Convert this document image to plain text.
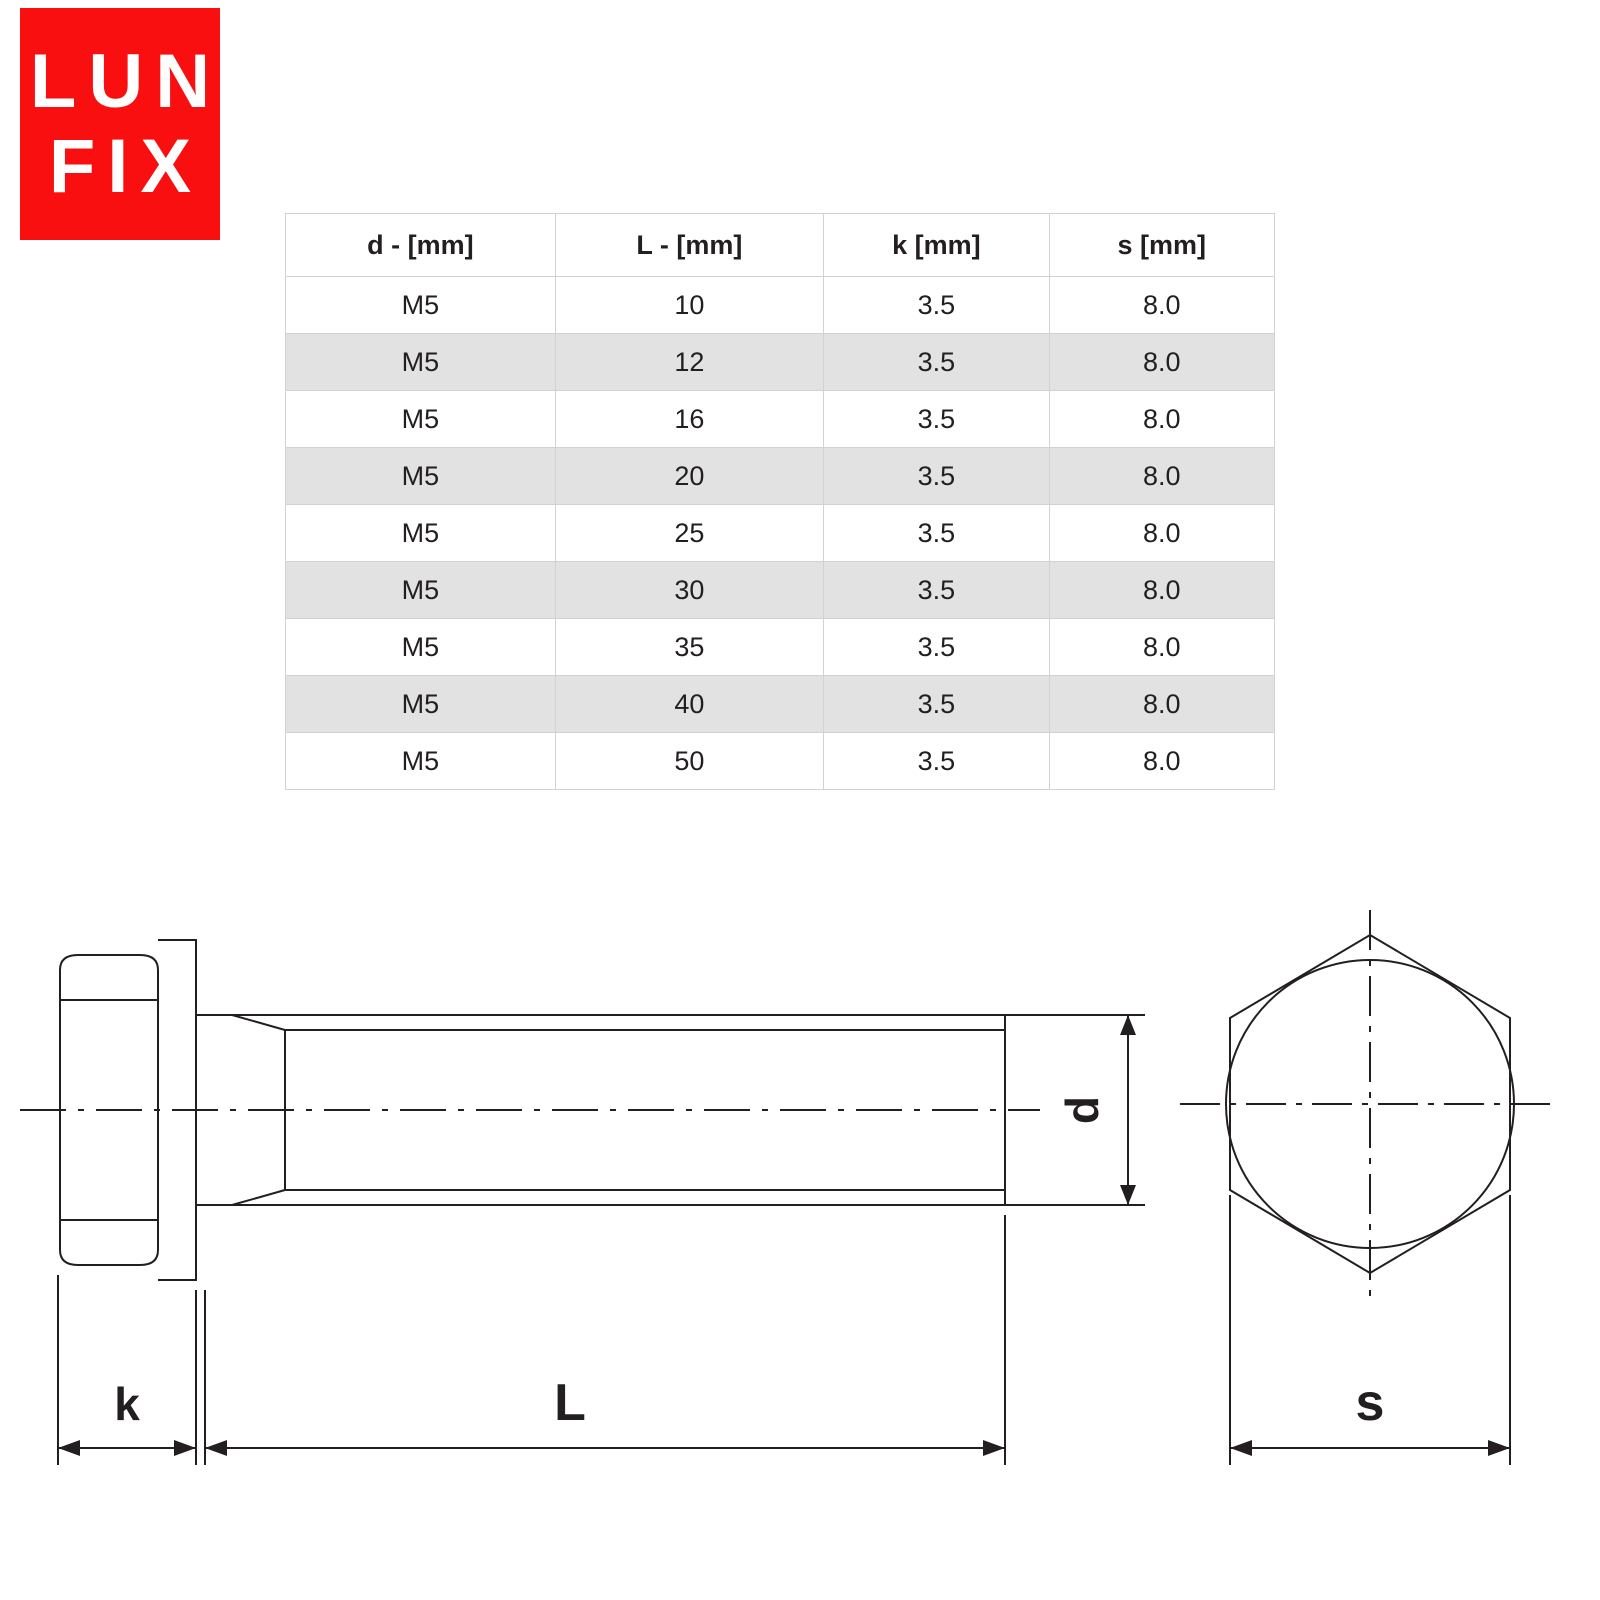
LUN
FIX
d - [mm]	L - [mm]	k [mm]	s [mm]
M5	10	3.5	8.0
M5	12	3.5	8.0
M5	16	3.5	8.0
M5	20	3.5	8.0
M5	25	3.5	8.0
M5	30	3.5	8.0
M5	35	3.5	8.0
M5	40	3.5	8.0
M5	50	3.5	8.0
d
k	L	s
